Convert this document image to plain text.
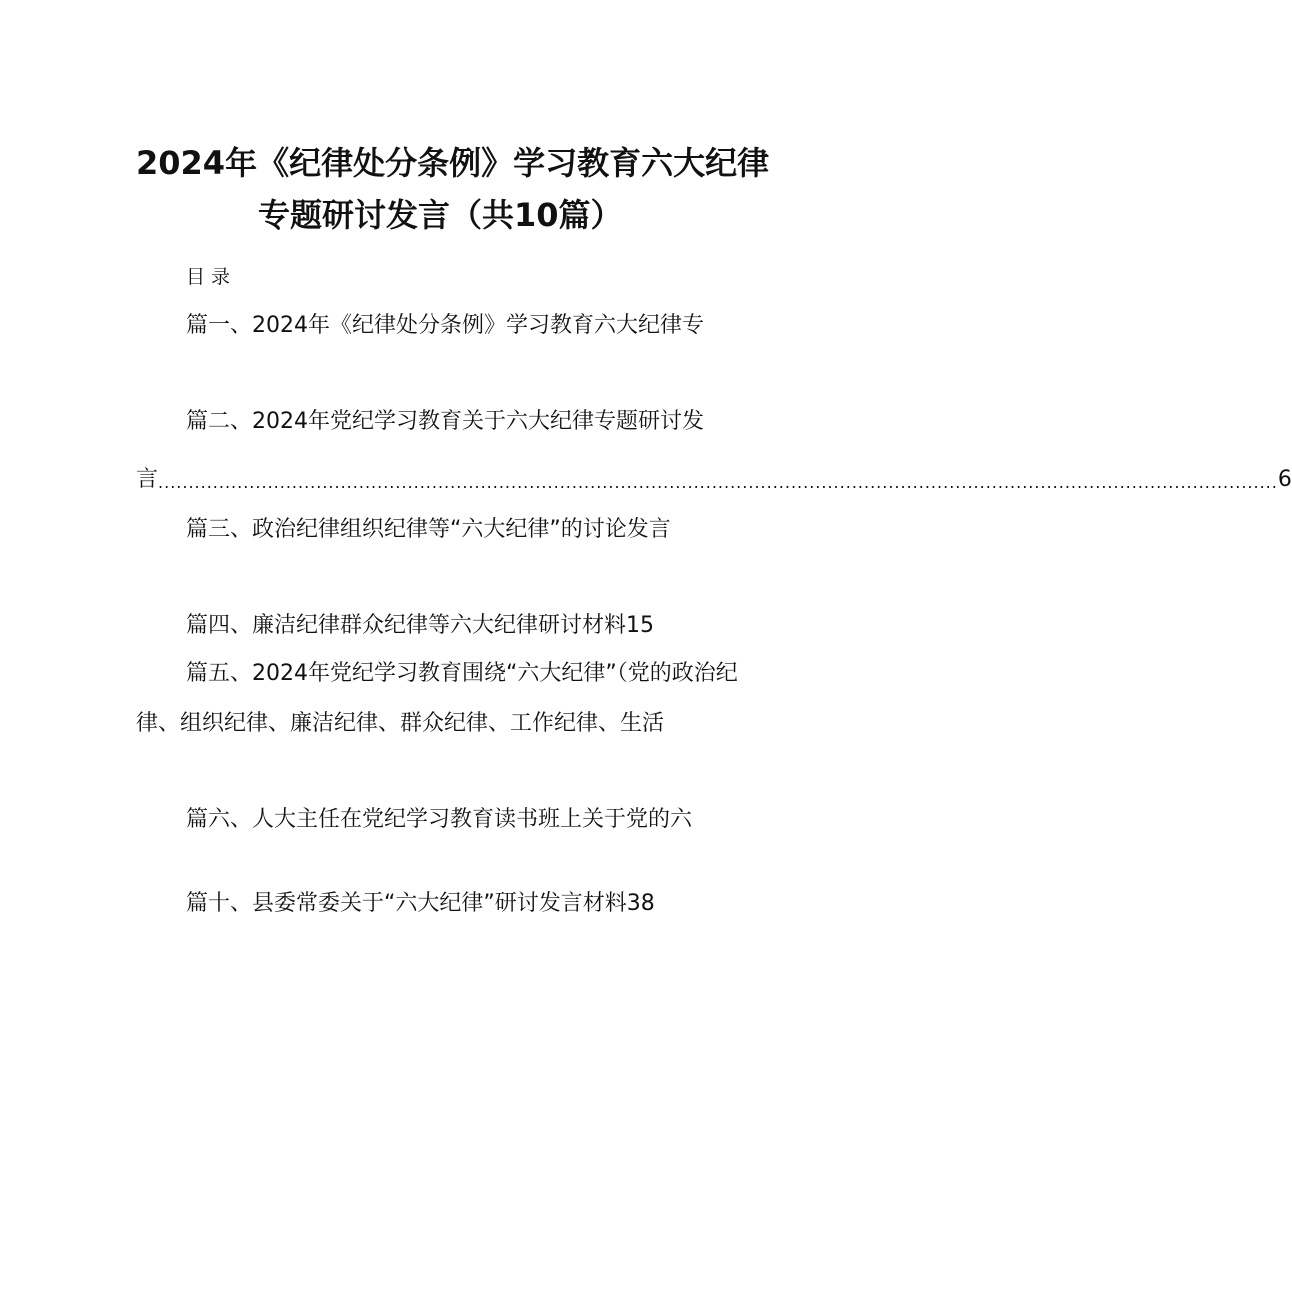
2024年《纪律处分条例》学习教育六大纪律
专题研讨发言（共10篇）
目录
篇一、2024年《纪律处分条例》学习教育六大纪律专
篇二、2024年党纪学习教育关于六大纪律专题研讨发
言 ........................................................................................................................................................................................ 6
篇三、政治纪律组织纪律等“六大纪律”的讨论发言
篇四、廉洁纪律群众纪律等六大纪律研讨材料15
篇五、2024年党纪学习教育围绕“六大纪律”（党的政治纪
律、组织纪律、廉洁纪律、群众纪律、工作纪律、生活
篇六、人大主任在党纪学习教育读书班上关于党的六
篇十、县委常委关于“六大纪律”研讨发言材料38
